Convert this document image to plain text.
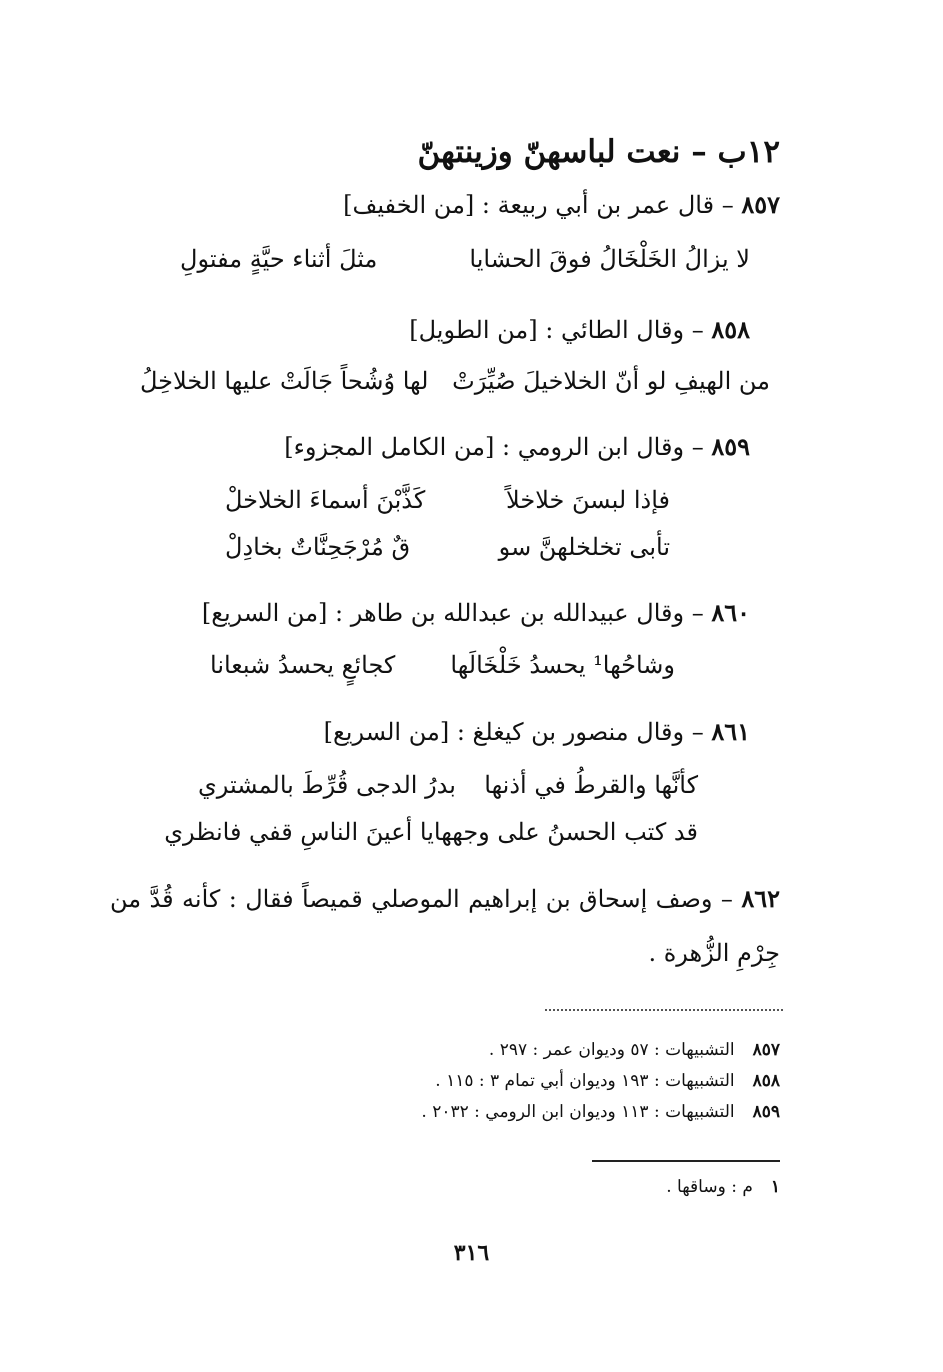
١٢ب – نعت لباسهنّ وزينتهنّ
٨٥٧ – قال عمر بن أبي ربيعة : [من الخفيف]
لا يزالُ الخَلْخَالُ فوقَ الحشايا
مثلَ أثناء حيَّةٍ مفتولِ
٨٥٨ – وقال الطائي : [من الطويل]
من الهيفِ لو أنّ الخلاخيلَ صُيِّرَتْ
لها وُشُحاً جَالَتْ عليها الخلاخِلُ
٨٥٩ – وقال ابن الرومي : [من الكامل المجزوء]
فإذا لبسنَ خلاخلاً
كَذَّبْنَ أسماءَ الخلاخلْ
تأبى تخلخلهنَّ سو
قٌ مُرْجَحِنَّاتٌ بخادِلْ
٨٦٠ – وقال عبيدالله بن عبدالله بن طاهر : [من السريع]
وشاحُها¹ يحسدُ خَلْخَالَها
كجائعٍ يحسدُ شبعانا
٨٦١ – وقال منصور بن كيغلغ : [من السريع]
كأنَّها والقرطُ في أذنها
بدرُ الدجى قُرِّطَ بالمشتري
قد كتب الحسنُ على وجهها
يا أعينَ الناسِ قفي فانظري
٨٦٢ – وصف إسحاق بن إبراهيم الموصلي قميصاً فقال : كأنه قُدَّ من جِرْمِ الزُّهرة .
٨٥٧التشبيهات : ٥٧ وديوان عمر : ٢٩٧ .
٨٥٨التشبيهات : ١٩٣ وديوان أبي تمام ٣ : ١١٥ .
٨٥٩التشبيهات : ١١٣ وديوان ابن الرومي : ٢٠٣٢ .
١م : وساقها .
٣١٦
